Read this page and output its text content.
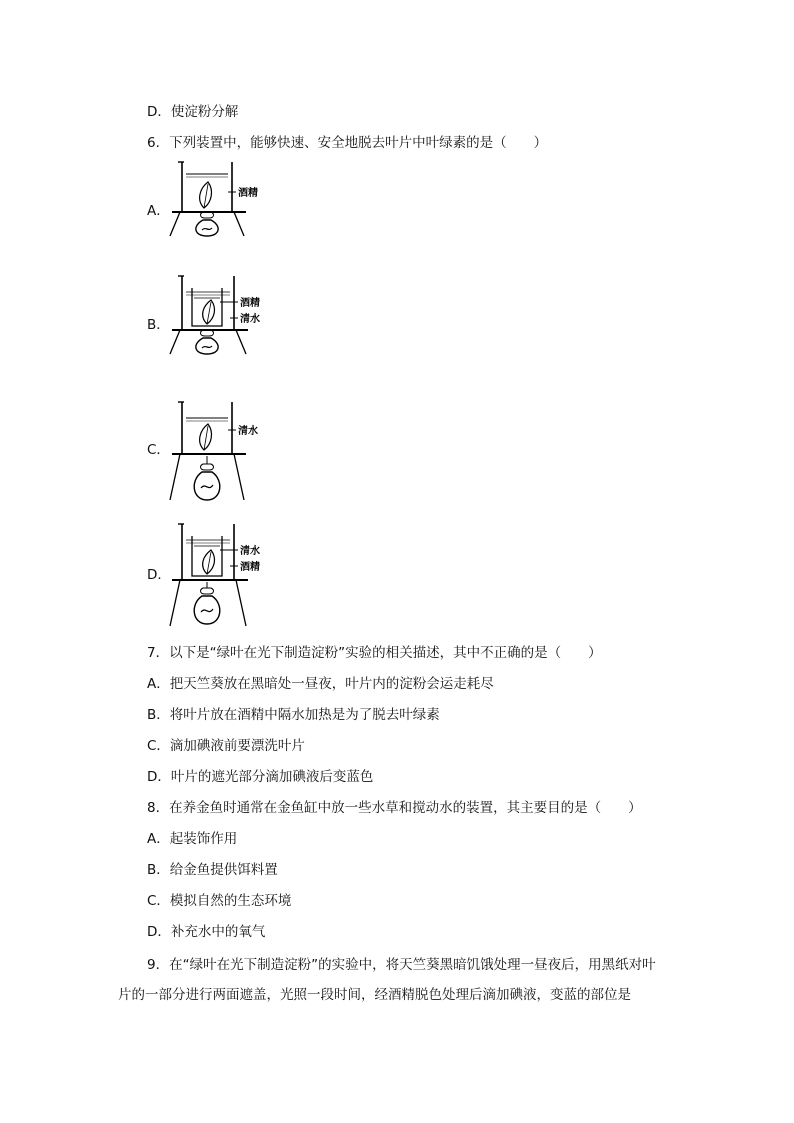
D．使淀粉分解
6．下列装置中，能够快速、安全地脱去叶片中叶绿素的是（　　）
A．
酒精
B．
酒精
清水
C．
清水
D．
清水
酒精
7．以下是“绿叶在光下制造淀粉”实验的相关描述，其中不正确的是（　　）
A．把天竺葵放在黑暗处一昼夜，叶片内的淀粉会运走耗尽
B．将叶片放在酒精中隔水加热是为了脱去叶绿素
C．滴加碘液前要漂洗叶片
D．叶片的遮光部分滴加碘液后变蓝色
8．在养金鱼时通常在金鱼缸中放一些水草和搅动水的装置，其主要目的是（　　）
A．起装饰作用
B．给金鱼提供饵料置
C．模拟自然的生态环境
D．补充水中的氧气
9．在“绿叶在光下制造淀粉”的实验中，将天竺葵黑暗饥饿处理一昼夜后，用黑纸对叶
片的一部分进行两面遮盖，光照一段时间，经酒精脱色处理后滴加碘液，变蓝的部位是
